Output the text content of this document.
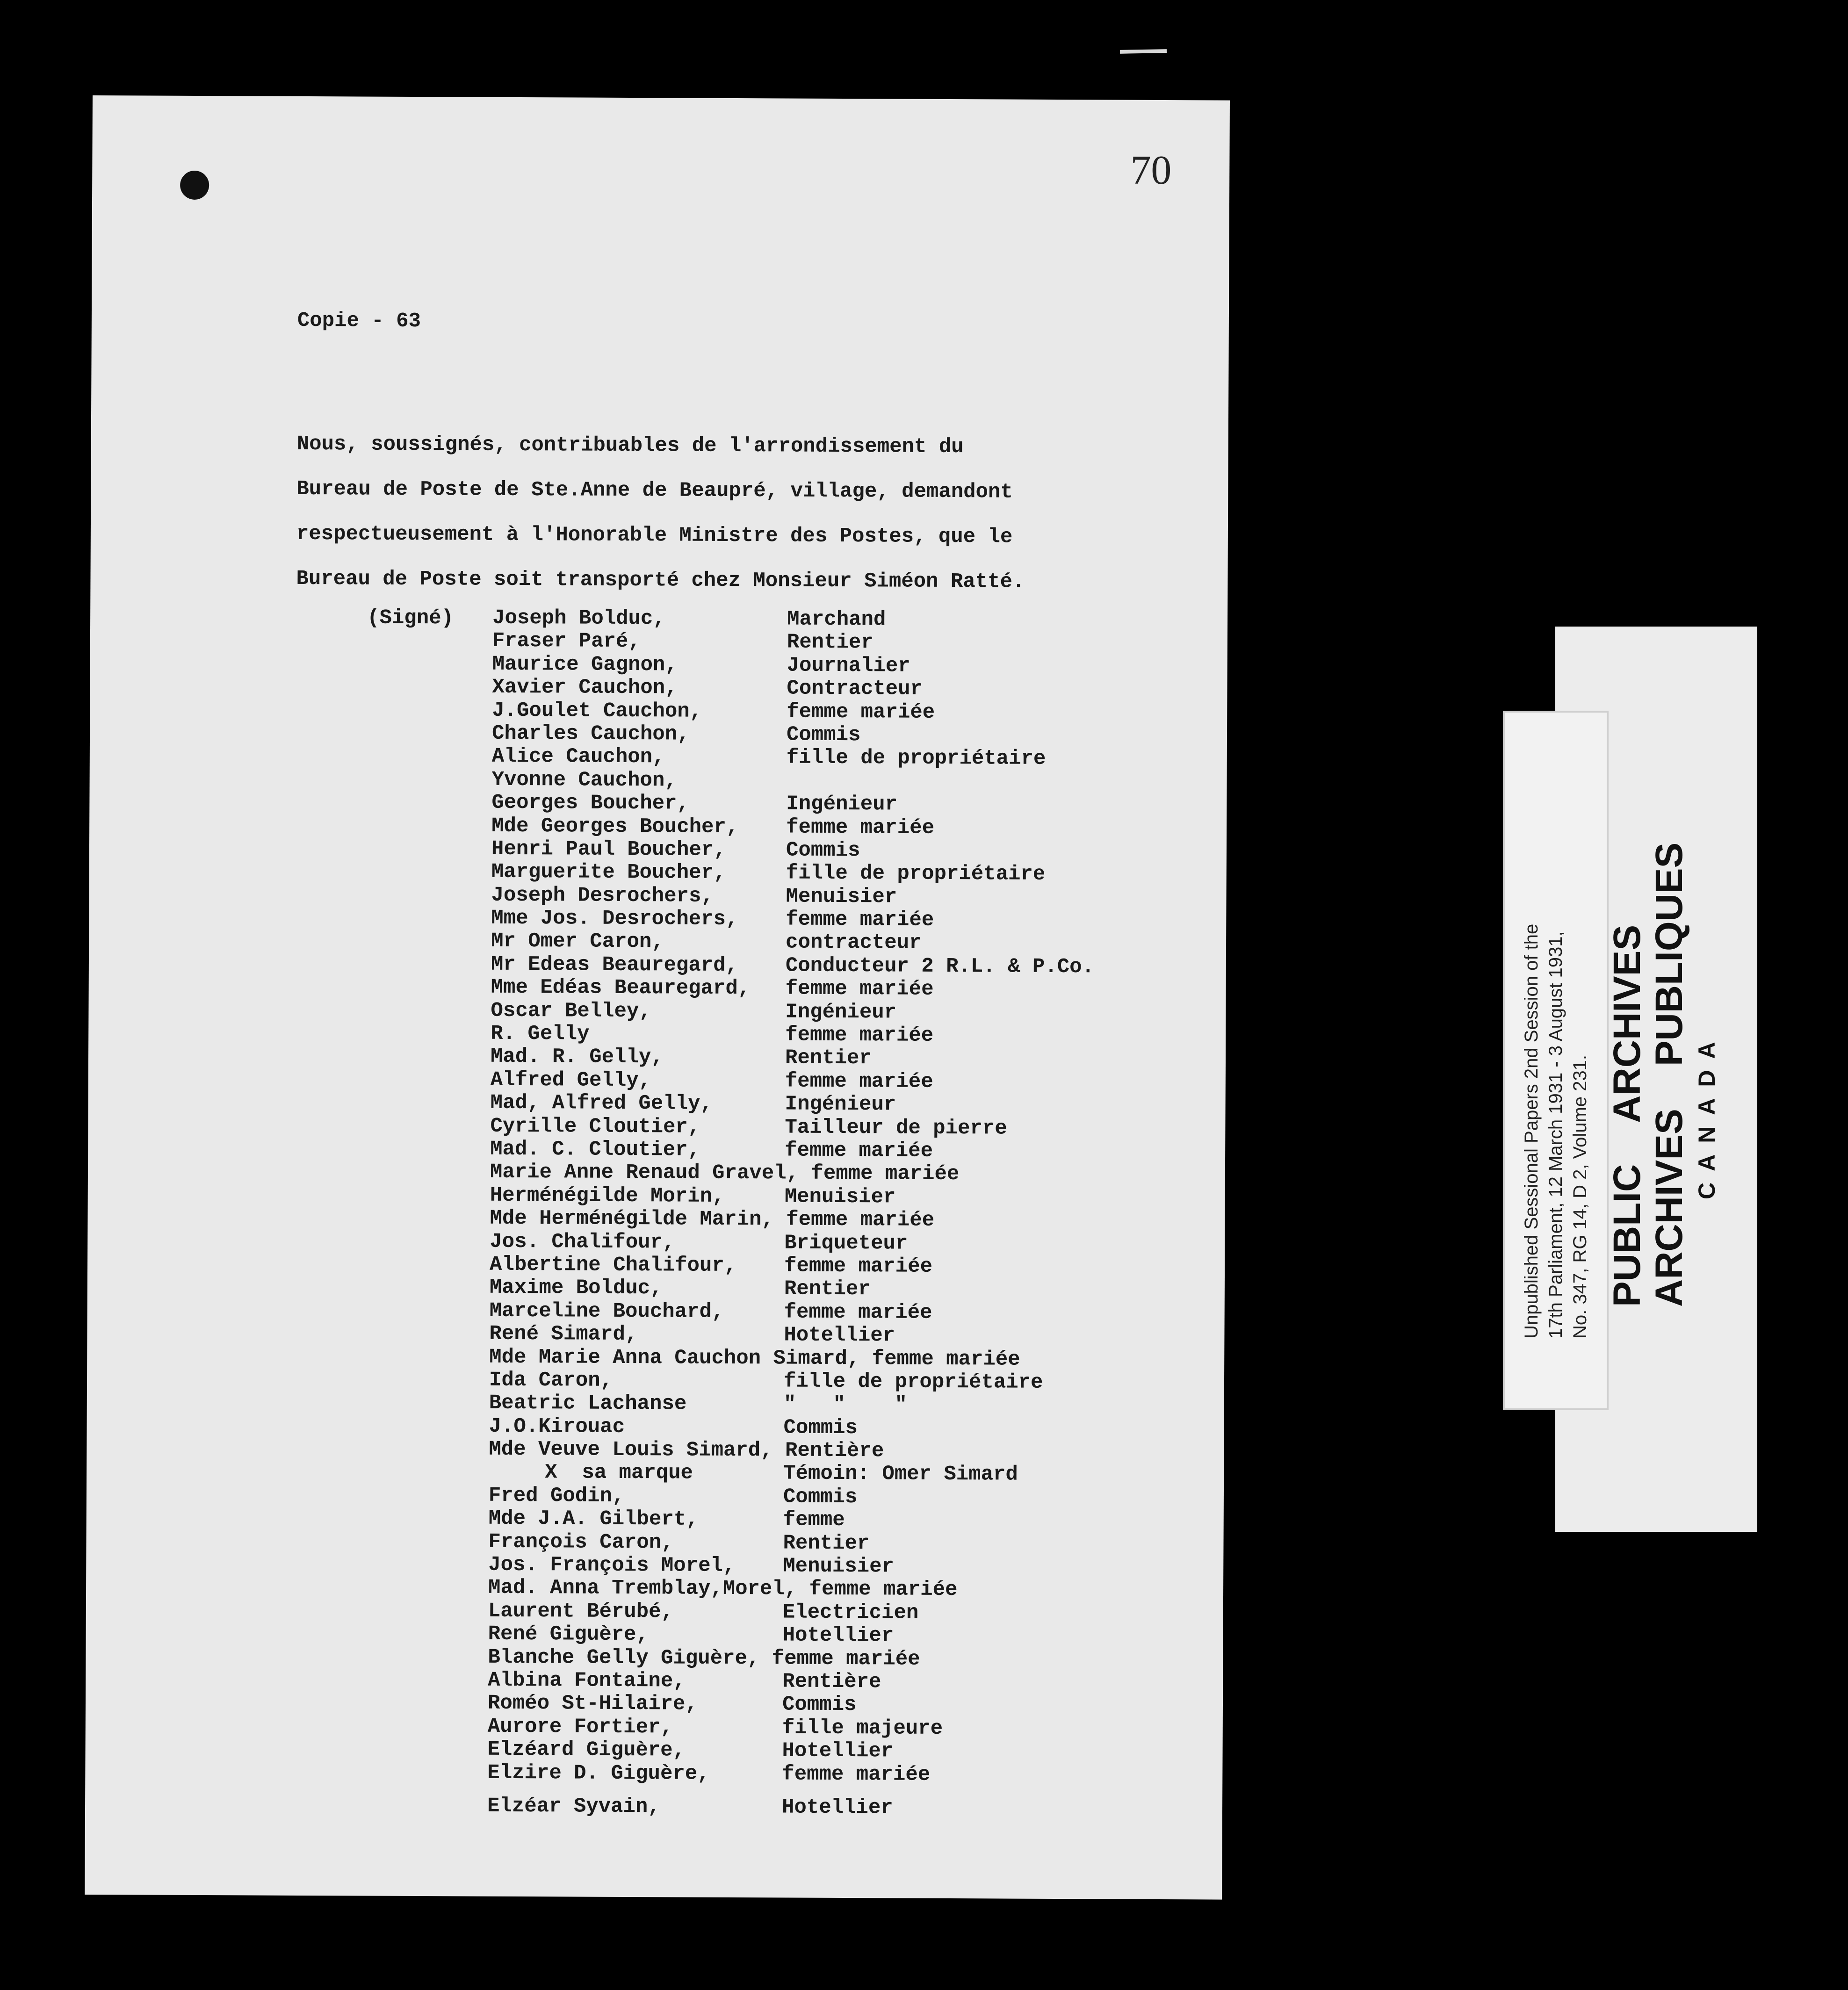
70
Copie - 63
Nous, soussignés, contribuables de l'arrondissement du
Bureau de Poste de Ste.Anne de Beaupré, village, demandont
respectueusement à l'Honorable Ministre des Postes, que le
Bureau de Poste soit transporté chez Monsieur Siméon Ratté.
(Signé) Joseph Bolduc,	Marchand
Fraser Paré,	Rentier
Maurice Gagnon,	Journalier
Xavier Cauchon,	Contracteur
J.Goulet Cauchon,	femme mariée
Charles Cauchon,	Commis
Alice Cauchon,	fille de propriétaire
Yvonne Cauchon,
Georges Boucher,	Ingénieur
Mde Georges Boucher, femme mariée
Henri Paul Boucher,	Commis
Marguerite Boucher,	fille de propriétaire
Joseph Desrochers,	Menuisier
Mme Jos. Desrochers, femme mariée
Mr Omer Caron,	contracteur
Mr Edeas Beauregard, Conducteur 2 R.L. & P.Co.
Mme Edéas Beauregard, femme mariée
Oscar Belley,	Ingénieur
R. Gelly	femme mariée
Mad. R. Gelly,	Rentier
Alfred Gelly,	femme mariée
Mad, Alfred Gelly,	Ingénieur
Cyrille Cloutier,	Tailleur de pierre
Mad. C. Cloutier,	femme mariée
Marie Anne Renaud Gravel, femme mariée
Herménégilde Morin,	Menuisier
Mde Herménégilde Marin, femme mariée
Jos. Chalifour,	Briqueteur
Albertine Chalifour, femme mariée
Maxime Bolduc,	Rentier
Marceline Bouchard,	femme mariée
René Simard,	Hotellier
Mde Marie Anna Cauchon Simard, femme mariée
Ida Caron,	fille de propriétaire
Beatric Lachanse	"   "    "
J.O.Kirouac	Commis
Mde Veuve Louis Simard, Rentière
X  sa marque	Témoin: Omer Simard
Fred Godin,	Commis
Mde J.A. Gilbert,	femme
François Caron,	Rentier
Jos. François Morel, Menuisier
Mad. Anna Tremblay,Morel, femme mariée
Laurent Bérubé,	Electricien
René Giguère,	Hotellier
Blanche Gelly Giguère, femme mariée
Albina Fontaine,	Rentière
Roméo St-Hilaire,	Commis
Aurore Fortier,	fille majeure
Elzéard Giguère,	Hotellier
Elzire D. Giguère,	femme mariée
Elzéar Syvain,	Hotellier
Unpublished Sessional Papers 2nd Session of the 17th Parliament, 12 March 1931 - 3 August 1931, No. 347, RG 14, D 2, Volume 231. PUBLIC    ARCHIVES ARCHIVES    PUBLIQUES CANADA
